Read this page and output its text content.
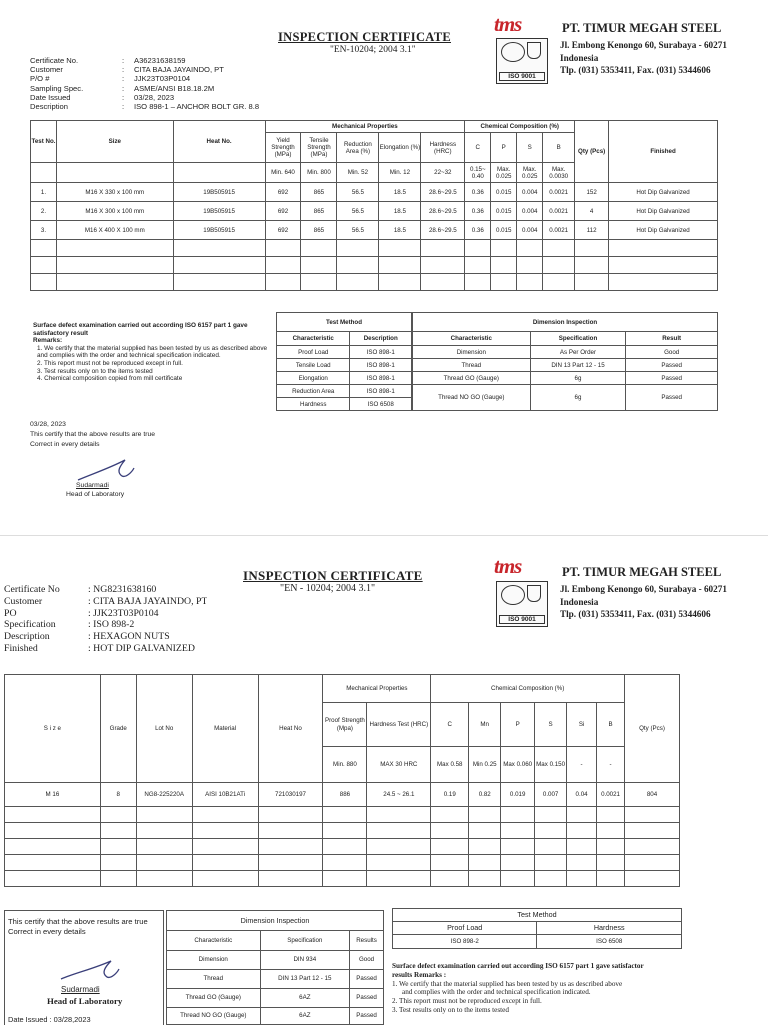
INSPECTION CERTIFICATE
"EN-10204; 2004 3.1"
tms
ISO 9001
PT. TIMUR MEGAH STEEL
Jl. Embong Kenongo 60, Surabaya - 60271
Indonesia
Tlp. (031) 5353411, Fax. (031) 5344606
Certificate No.	:	A36231638159
Customer	:	CITA BAJA JAYAINDO, PT
P/O #	:	JJK23T03P0104
Sampling Spec.	:	ASME/ANSI B18.18.2M
Date Issued	:	03/28, 2023
Description	:	ISO 898-1 – ANCHOR BOLT GR. 8.8
Test No.	Size	Heat No.	Mechanical Properties					Chemical Composition (%)				Qty (Pcs)	Finished
			Yield Strength (MPa)	Tensile Strength (MPa)	Reduction Area (%)	Elongation (%)	Hardness (HRC)	C	P	S	B		
			Min. 640	Min. 800	Min. 52	Min. 12	22~32	0.15~ 0.40	Max. 0.025	Max. 0.025	Max. 0.0030		
1.	M16 X 330 x 100 mm	19B505915	692	865	56.5	18.5	28.6~29.5	0.36	0.015	0.004	0.0021	152	Hot Dip Galvanized
2.	M16 X 300 x 100 mm	19B505915	692	865	56.5	18.5	28.6~29.5	0.36	0.015	0.004	0.0021	4	Hot Dip Galvanized
3.	M16 X 400 X 100 mm	19B505915	692	865	56.5	18.5	28.6~29.5	0.36	0.015	0.004	0.0021	112	Hot Dip Galvanized

Surface defect examination carried out according ISO 6157 part 1 gave satisfactory result
Remarks:
1. We certify that the material supplied has been tested by us as described above and complies with the order and technical specification indicated.
2. This report must not be reproduced except in full.
3. Test results only on to the items tested
4. Chemical composition copied from mill certificate
Test Method	
Characteristic	Description
Proof Load	ISO 898-1
Tensile Load	ISO 898-1
Elongation	ISO 898-1
Reduction Area	ISO 898-1
Hardness	ISO 6508
Dimension Inspection		
Characteristic	Specification	Result
Dimension	As Per Order	Good
Thread	DIN 13 Part 12 - 15	Passed
Thread GO (Gauge)	6g	Passed
Thread NO GO (Gauge)	6g	Passed
03/28, 2023
This certify that the above results are true
Correct in every details
Sudarmadi
Head of Laboratory
INSPECTION CERTIFICATE
"EN - 10204; 2004 3.1"
tms
ISO 9001
PT. TIMUR MEGAH STEEL
Jl. Embong Kenongo 60, Surabaya - 60271
Indonesia
Tlp. (031) 5353411, Fax. (031) 5344606
Certificate No	: NG8231638160
Customer	: CITA BAJA JAYAINDO, PT
PO	: JJK23T03P0104
Specification	: ISO 898-2
Description	: HEXAGON NUTS
Finished	: HOT DIP GALVANIZED
S i z e	Grade	Lot No	Material	Heat No	Mechanical Properties		Chemical Composition (%)						Qty (Pcs)
					Proof Strength (Mpa)	Hardness Test (HRC)	C	Mn	P	S	Si	B	
					Min. 880	MAX 30 HRC	Max 0.58	Min 0.25	Max 0.060	Max 0.150	-	-	
M 16	8	NG8-225220A	AISI 10B21ATi	721030197	886	24.5 ~ 26.1	0.19	0.82	0.019	0.007	0.04	0.0021	804

This certify that the above results are true
Correct in every details
Sudarmadi
Head of Laboratory
Date Issued : 03/28,2023
Dimension Inspection		
Characteristic	Specification	Results
Dimension	DIN 934	Good
Thread	DIN 13 Part 12 - 15	Passed
Thread GO (Gauge)	6AZ	Passed
Thread NO GO (Gauge)	6AZ	Passed
Test Method	
Proof Load	Hardness
ISO 898-2	ISO 6508
Surface defect examination carried out according ISO 6157 part 1 gave satisfactor
results Remarks :
1. We certify that the material supplied has been tested by us as described above
and complies with the order and technical specification indicated.
2. This report must not be reproduced except in full.
3. Test results only on to the items tested
